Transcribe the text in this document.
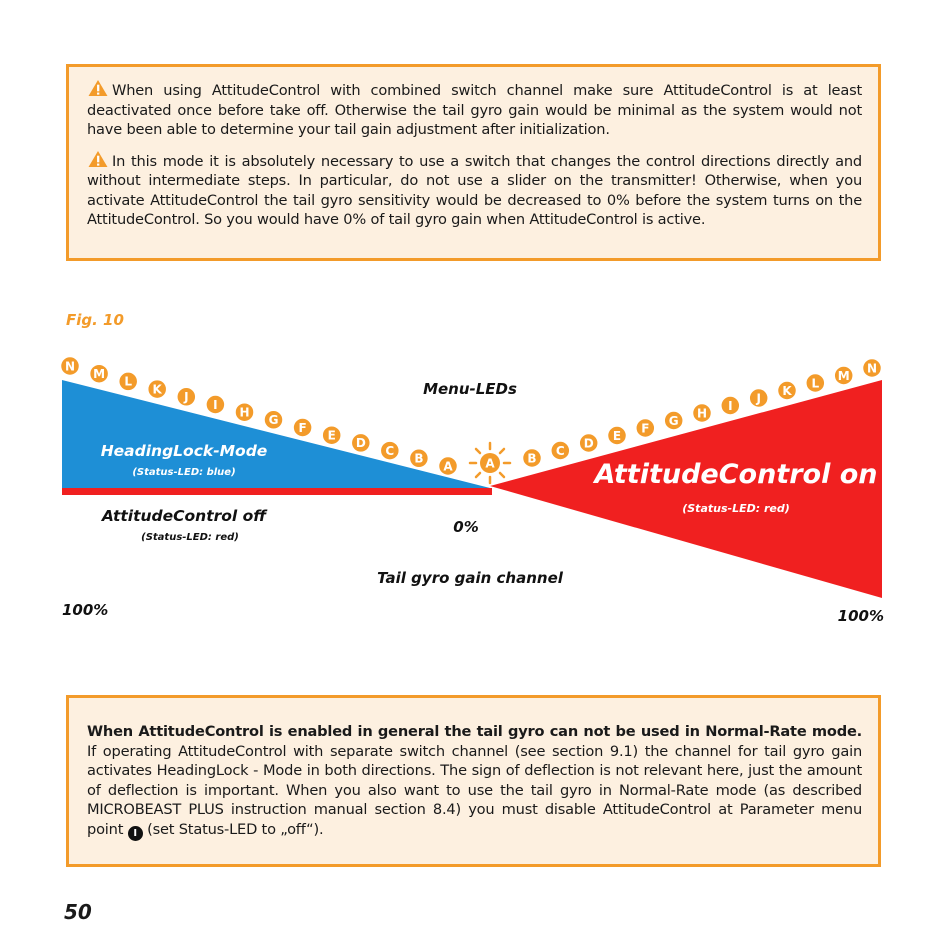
When using AttitudeControl with combined switch channel make sure AttitudeControl is at least deactivated once before take off. Otherwise the tail gyro gain would be minimal as the system would not have been able to determine your tail gain adjustment after initialization.

In this mode it is absolutely necessary to use a switch that changes the control directions directly and without intermediate steps. In particular, do not use a slider on the transmitter! Otherwise, when you activate AttitudeControl the tail gyro sensitivity would be decreased to 0% before the system turns on the AttitudeControl. So you would have 0% of tail gyro gain when AttitudeControl is active.

Fig. 10
N
M
L
K
J
I
H
G
F
E
D
C
B
A
B
C
D
E
F
G
H
I
J
K
L
M
N
A
Menu-LEDs
HeadingLock-Mode
(Status-LED: blue)	AttitudeControl on
(Status-LED: red)
AttitudeControl off
(Status-LED: red)
0%
Tail gyro gain channel
100%	100%

When AttitudeControl is enabled in general the tail gyro can not be used in Normal-Rate mode. If operating AttitudeControl with separate switch channel (see section 9.1) the channel for tail gyro gain activates HeadingLock - Mode in both directions. The sign of deflection is not relevant here, just the amount of deflection is important. When you also want to use the tail gyro in Normal-Rate mode (as described MICROBEAST PLUS instruction manual section 8.4) you must disable AttitudeControl at Parameter menu point I (set Status-LED to „off“).

50
